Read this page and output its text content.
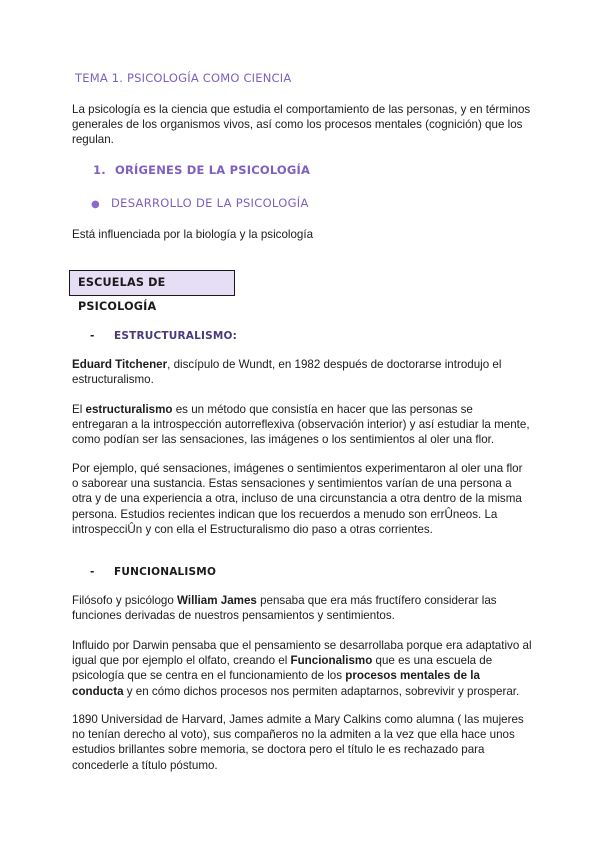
TEMA 1. PSICOLOGÍA COMO CIENCIA

La psicología es la ciencia que estudia el comportamiento de las personas, y en términos generales de los organismos vivos, así como los procesos mentales (cognición) que los regulan.

1. ORÍGENES DE LA PSICOLOGÍA
● DESARROLLO DE LA PSICOLOGÍA

Está influenciada por la biología y la psicología

ESCUELAS DE PSICOLOGÍA
- ESTRUCTURALISMO:

Eduard Titchener, discípulo de Wundt, en 1982 después de doctorarse introdujo el estructuralismo.

El estructuralismo es un método que consistía en hacer que las personas se entregaran a la introspección autorreflexiva (observación interior) y así estudiar la mente, como podían ser las sensaciones, las imágenes o los sentimientos al oler una flor.

Por ejemplo, qué sensaciones, imágenes o sentimientos experimentaron al oler una flor o saborear una sustancia. Estas sensaciones y sentimientos varían de una persona a otra y de una experiencia a otra, incluso de una circunstancia a otra dentro de la misma persona. Estudios recientes indican que los recuerdos a menudo son errÛneos. La introspecciÛn y con ella el Estructuralismo dio paso a otras corrientes.

- FUNCIONALISMO

Filósofo y psicólogo William James pensaba que era más fructífero considerar las funciones derivadas de nuestros pensamientos y sentimientos.

Influido por Darwin pensaba que el pensamiento se desarrollaba porque era adaptativo al igual que por ejemplo el olfato, creando el Funcionalismo que es una escuela de psicología que se centra en el funcionamiento de los procesos mentales de la conducta y en cómo dichos procesos nos permiten adaptarnos, sobrevivir y prosperar.

1890 Universidad de Harvard, James admite a Mary Calkins como alumna ( las mujeres no tenían derecho al voto), sus compañeros no la admiten a la vez que ella hace unos estudios brillantes sobre memoria, se doctora pero el título le es rechazado para concederle a título póstumo.
